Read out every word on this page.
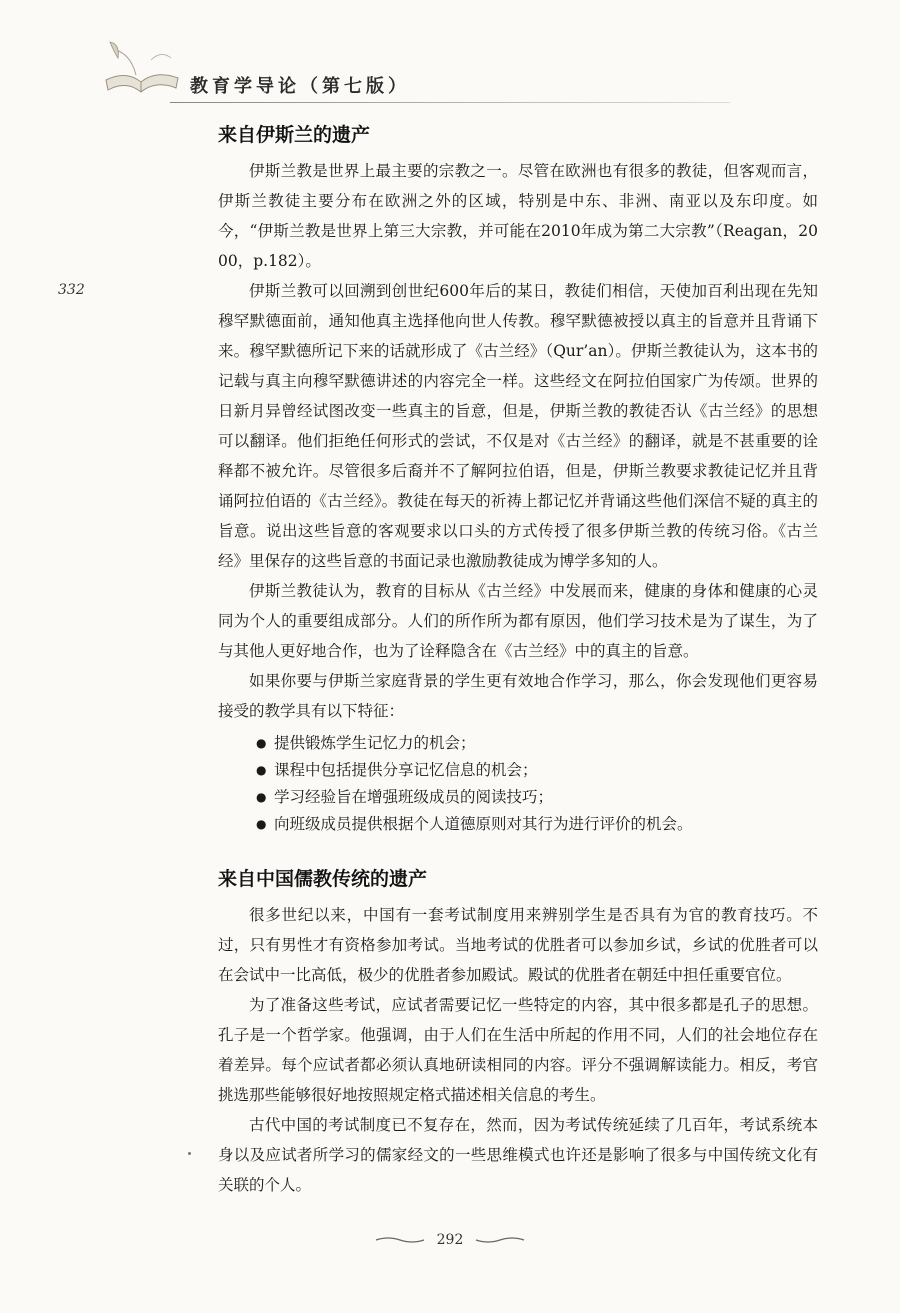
教育学导论（第七版）
332
来自伊斯兰的遗产

伊斯兰教是世界上最主要的宗教之一。尽管在欧洲也有很多的教徒，但客观而言，伊斯兰教徒主要分布在欧洲之外的区域，特别是中东、非洲、南亚以及东印度。如今，“伊斯兰教是世界上第三大宗教，并可能在2010年成为第二大宗教”（Reagan，2000，p.182）。

伊斯兰教可以回溯到创世纪600年后的某日，教徒们相信，天使加百利出现在先知穆罕默德面前，通知他真主选择他向世人传教。穆罕默德被授以真主的旨意并且背诵下来。穆罕默德所记下来的话就形成了《古兰经》（Qur’an）。伊斯兰教徒认为，这本书的记载与真主向穆罕默德讲述的内容完全一样。这些经文在阿拉伯国家广为传颂。世界的日新月异曾经试图改变一些真主的旨意，但是，伊斯兰教的教徒否认《古兰经》的思想可以翻译。他们拒绝任何形式的尝试，不仅是对《古兰经》的翻译，就是不甚重要的诠释都不被允许。尽管很多后裔并不了解阿拉伯语，但是，伊斯兰教要求教徒记忆并且背诵阿拉伯语的《古兰经》。教徒在每天的祈祷上都记忆并背诵这些他们深信不疑的真主的旨意。说出这些旨意的客观要求以口头的方式传授了很多伊斯兰教的传统习俗。《古兰经》里保存的这些旨意的书面记录也激励教徒成为博学多知的人。

伊斯兰教徒认为，教育的目标从《古兰经》中发展而来，健康的身体和健康的心灵同为个人的重要组成部分。人们的所作所为都有原因，他们学习技术是为了谋生，为了与其他人更好地合作，也为了诠释隐含在《古兰经》中的真主的旨意。

如果你要与伊斯兰家庭背景的学生更有效地合作学习，那么，你会发现他们更容易接受的教学具有以下特征：

● 提供锻炼学生记忆力的机会；
● 课程中包括提供分享记忆信息的机会；
● 学习经验旨在增强班级成员的阅读技巧；
● 向班级成员提供根据个人道德原则对其行为进行评价的机会。
来自中国儒教传统的遗产

很多世纪以来，中国有一套考试制度用来辨别学生是否具有为官的教育技巧。不过，只有男性才有资格参加考试。当地考试的优胜者可以参加乡试，乡试的优胜者可以在会试中一比高低，极少的优胜者参加殿试。殿试的优胜者在朝廷中担任重要官位。

为了准备这些考试，应试者需要记忆一些特定的内容，其中很多都是孔子的思想。孔子是一个哲学家。他强调，由于人们在生活中所起的作用不同，人们的社会地位存在着差异。每个应试者都必须认真地研读相同的内容。评分不强调解读能力。相反，考官挑选那些能够很好地按照规定格式描述相关信息的考生。

古代中国的考试制度已不复存在，然而，因为考试传统延续了几百年，考试系统本身以及应试者所学习的儒家经文的一些思维模式也许还是影响了很多与中国传统文化有关联的个人。

292
